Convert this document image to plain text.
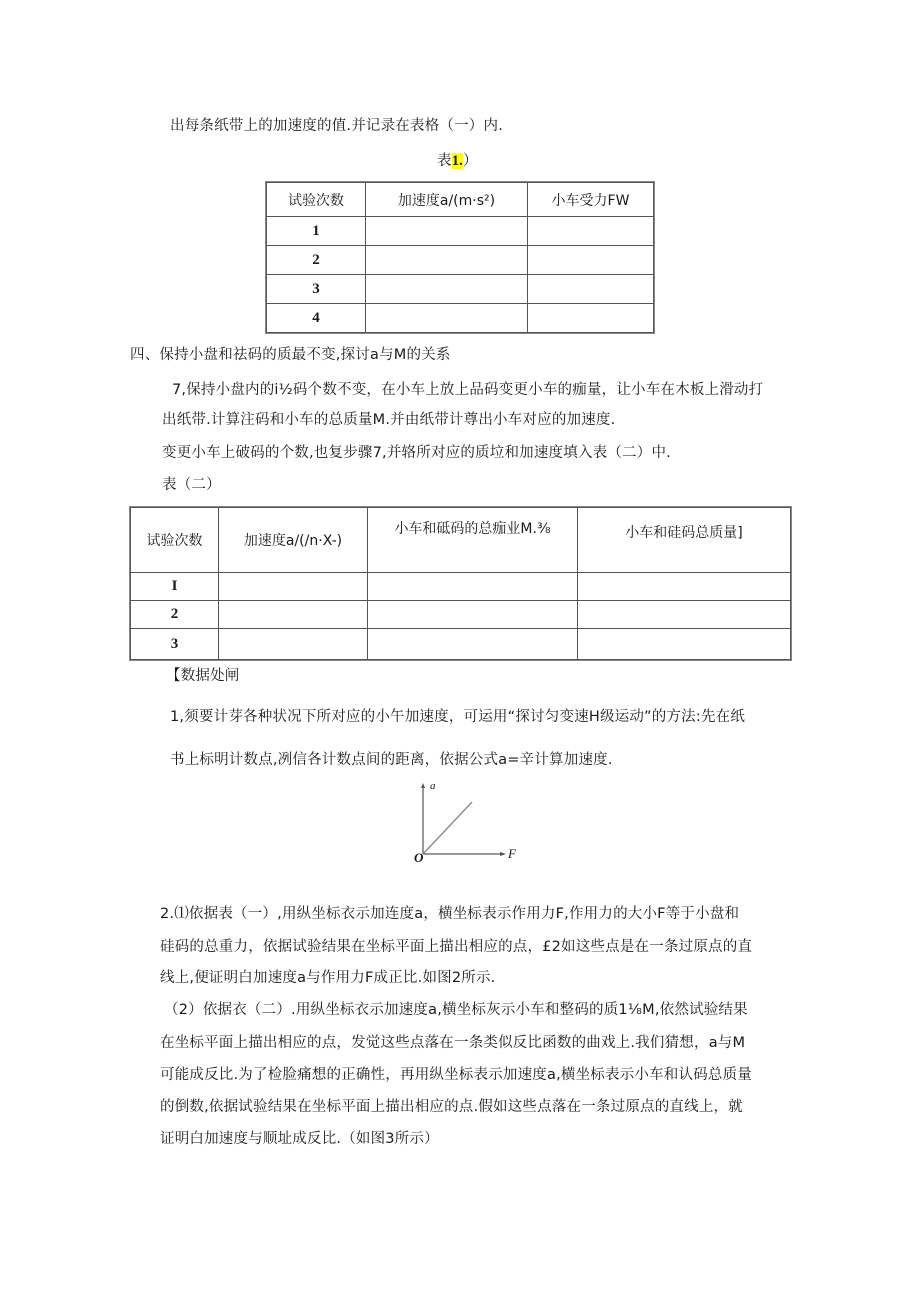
出每条纸带上的加速度的值.并记录在表格（一）内.
表1.）
试验次数	加速度a/(m·s²)	小车受力FW
1		
2		
3		
4		
四、保持小盘和祛码的质最不变,探讨a与M的关系
7,保持小盘内的i½码个数不变，在小车上放上品码变更小车的痂量，让小车在木板上滑动打
出纸带.计算注码和小车的总质量M.并由纸带计尊出小车对应的加速度.
变更小车上破码的个数,也复步骤7,并辂所对应的质垃和加速度填入表（二）中.
表（二）
试验次数	加速度a/(/n·X-)	小车和砥码的总痂业M.⅜	小车和硅码总质量]
I			
2			
3			
【数据处闸
1,须要计芽各种状况下所对应的小午加速度，可运用“探讨匀变速H级运动”的方法:先在纸
书上标明计数点,冽信各计数点间的距离，依据公式a=辛计算加速度.
a
F
O
2.⑴依据表（一）,用纵坐标衣示加连度a，横坐标表示作用力F,作用力的大小F等于小盘和
硅码的总重力，依据试验结果在坐标平面上描出相应的点，£2如这些点是在一条过原点的直
线上,便证明白加速度a与作用力F成正比.如图2所示.
（2）依据衣（二）.用纵坐标衣示加速度a,横坐标灰示小车和整码的质1⅛M,依然试验结果
在坐标平面上描出相应的点，发觉这些点落在一条类似反比函数的曲戏上.我们猜想，a与M
可能成反比.为了检脸痛想的正确性，再用纵坐标表示加速度a,横坐标表示小车和认码总质量
的倒数,依据试验结果在坐标平面上描出相应的点.假如这些点落在一条过原点的直线上，就
证明白加速度与顺址成反比.（如图3所示）
